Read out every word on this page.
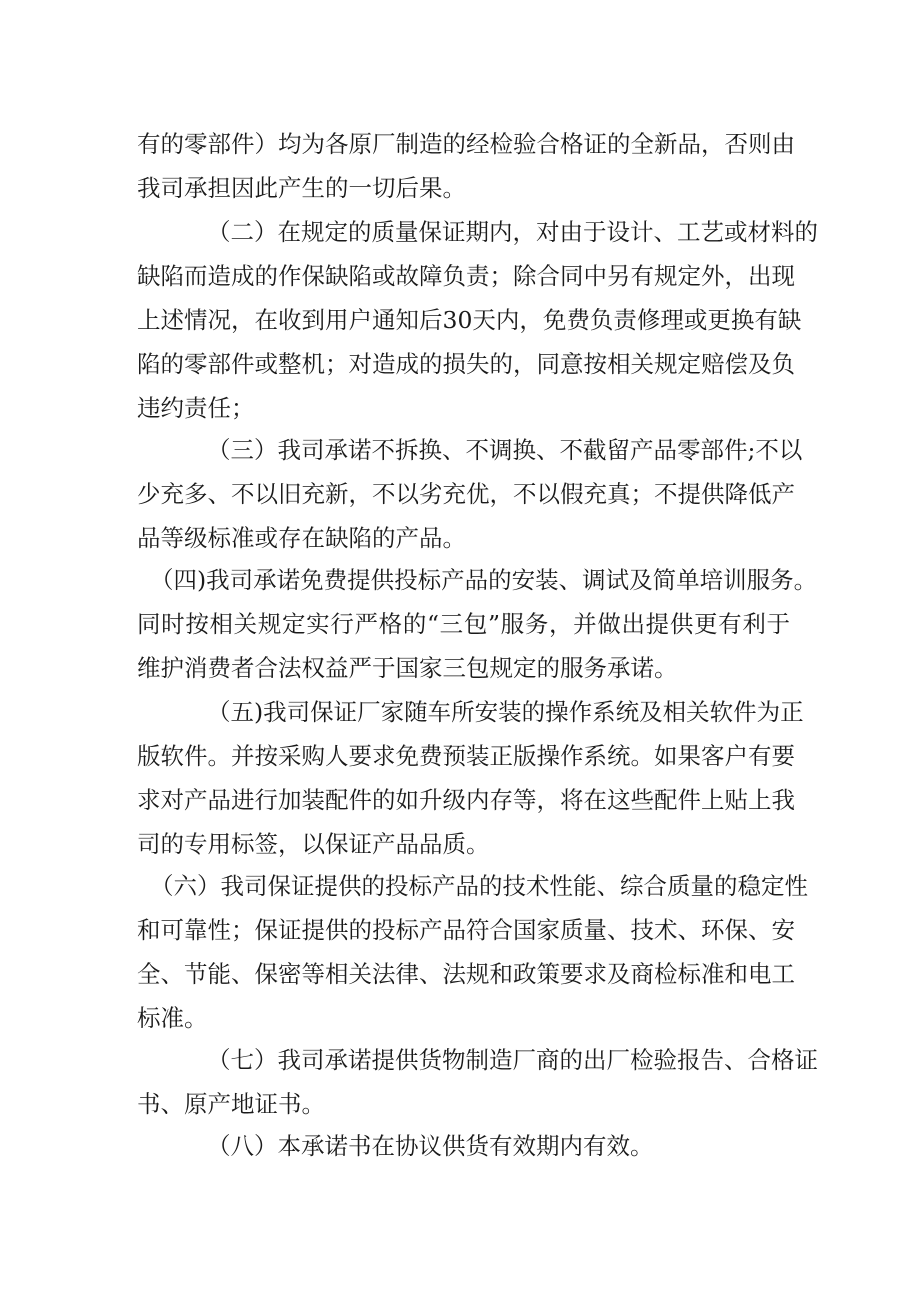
有的零部件）均为各原厂制造的经检验合格证的全新品，否则由
我司承担因此产生的一切后果。
（二）在规定的质量保证期内，对由于设计、工艺或材料的
缺陷而造成的作保缺陷或故障负责；除合同中另有规定外，出现
上述情况，在收到用户通知后30天内，免费负责修理或更换有缺
陷的零部件或整机；对造成的损失的，同意按相关规定赔偿及负
违约责任；
（三）我司承诺不拆换、不调换、不截留产品零部件;不以
少充多、不以旧充新，不以劣充优，不以假充真；不提供降低产
品等级标准或存在缺陷的产品。
（四)我司承诺免费提供投标产品的安装、调试及简单培训服务。
同时按相关规定实行严格的“三包”服务，并做出提供更有利于
维护消费者合法权益严于国家三包规定的服务承诺。
（五)我司保证厂家随车所安装的操作系统及相关软件为正
版软件。并按采购人要求免费预装正版操作系统。如果客户有要
求对产品进行加装配件的如升级内存等，将在这些配件上贴上我
司的专用标签，以保证产品品质。
（六）我司保证提供的投标产品的技术性能、综合质量的稳定性
和可靠性；保证提供的投标产品符合国家质量、技术、环保、安
全、节能、保密等相关法律、法规和政策要求及商检标准和电工
标准。
（七）我司承诺提供货物制造厂商的出厂检验报告、合格证
书、原产地证书。
（八）本承诺书在协议供货有效期内有效。
